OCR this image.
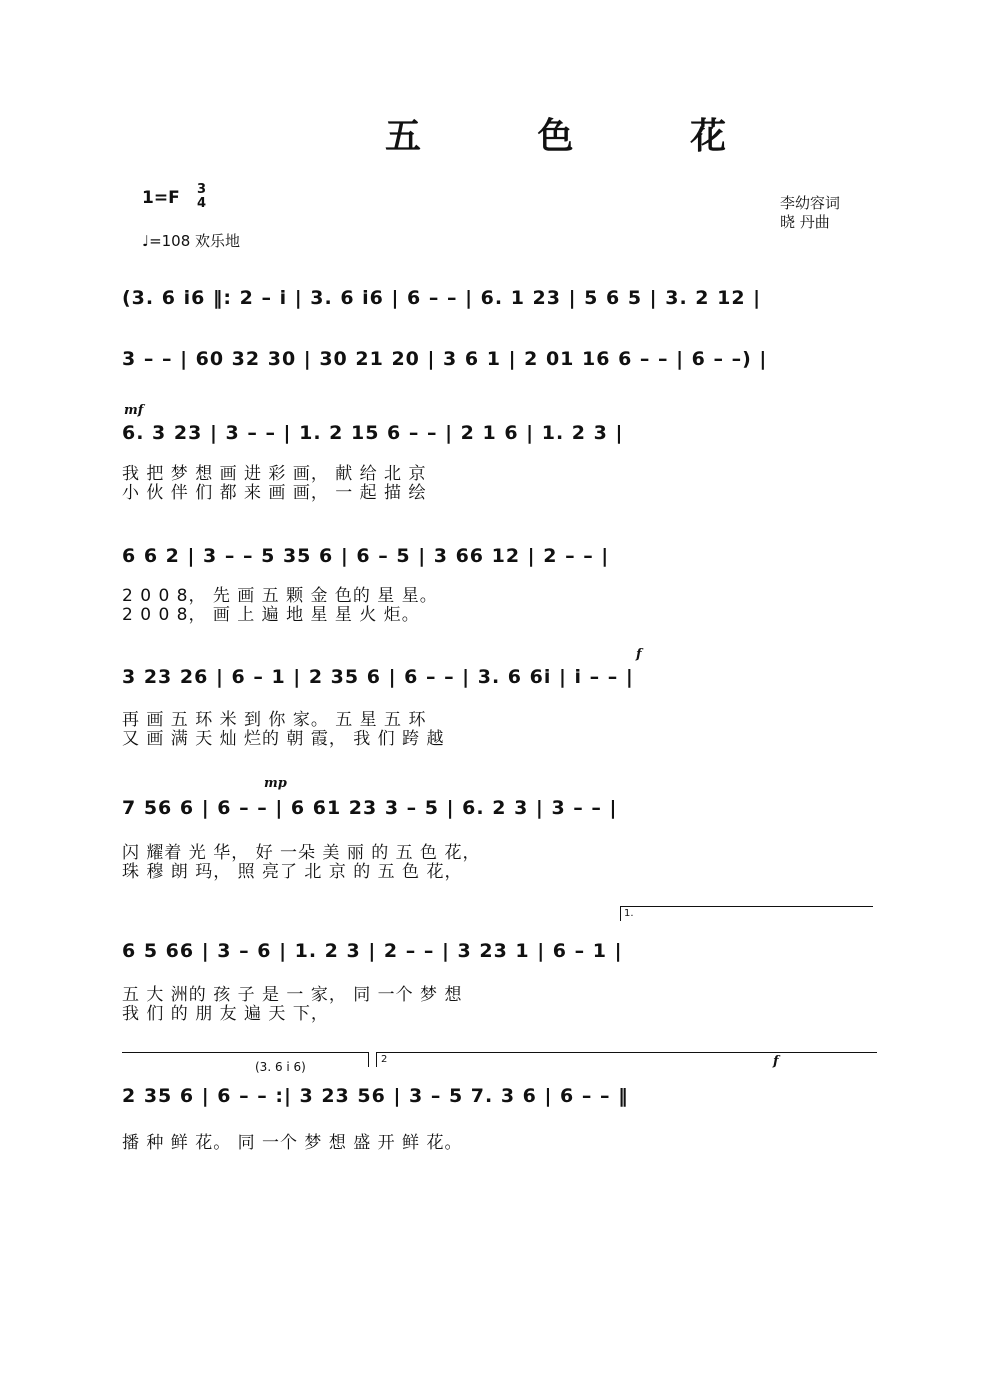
五 色 花
1=F 3
4
♩=108 欢乐地
李幼容词
晓 丹曲
(3. 6 i6 ‖: 2 – i | 3. 6 i6 | 6 – – | 6. 1 23 | 5 6 5 | 3. 2 12 |
3 – – | 60 32 30 | 30 21 20 | 3 6 1 | 2 01 16 6 – – | 6 – –) |
mf
6. 3 23 | 3 – – | 1. 2 15 6 – – | 2 1 6 | 1. 2 3 |
我 把 梦 想 画 进 彩 画， 献 给 北 京
小 伙 伴 们 都 来 画 画， 一 起 描 绘
6 6 2 | 3 – – 5 35 6 | 6 – 5 | 3 66 12 | 2 – – |
2 0 0 8， 先 画 五 颗 金 色的 星 星。
2 0 0 8， 画 上 遍 地 星 星 火 炬。
f
3 23 26 | 6 – 1 | 2 35 6 | 6 – – | 3. 6 6i | i – – |
再 画 五 环 米 到 你 家。 五 星 五 环
又 画 满 天 灿 烂的 朝 霞， 我 们 跨 越
mp
7 56 6 | 6 – – | 6 61 23 3 – 5 | 6. 2 3 | 3 – – |
闪 耀着 光 华， 好 一朵 美 丽 的 五 色 花，
珠 穆 朗 玛， 照 亮了 北 京 的 五 色 花，
1.
6 5 66 | 3 – 6 | 1. 2 3 | 2 – – | 3 23 1 | 6 – 1 |
五 大 洲的 孩 子 是 一 家， 同 一个 梦 想
我 们 的 朋 友 遍 天 下，
(3. 6 i 6)
2	f
2 35 6 | 6 – – :| 3 23 56 | 3 – 5 7. 3 6 | 6 – – ‖
播 种 鲜 花。 同 一个 梦 想 盛 开 鲜 花。
